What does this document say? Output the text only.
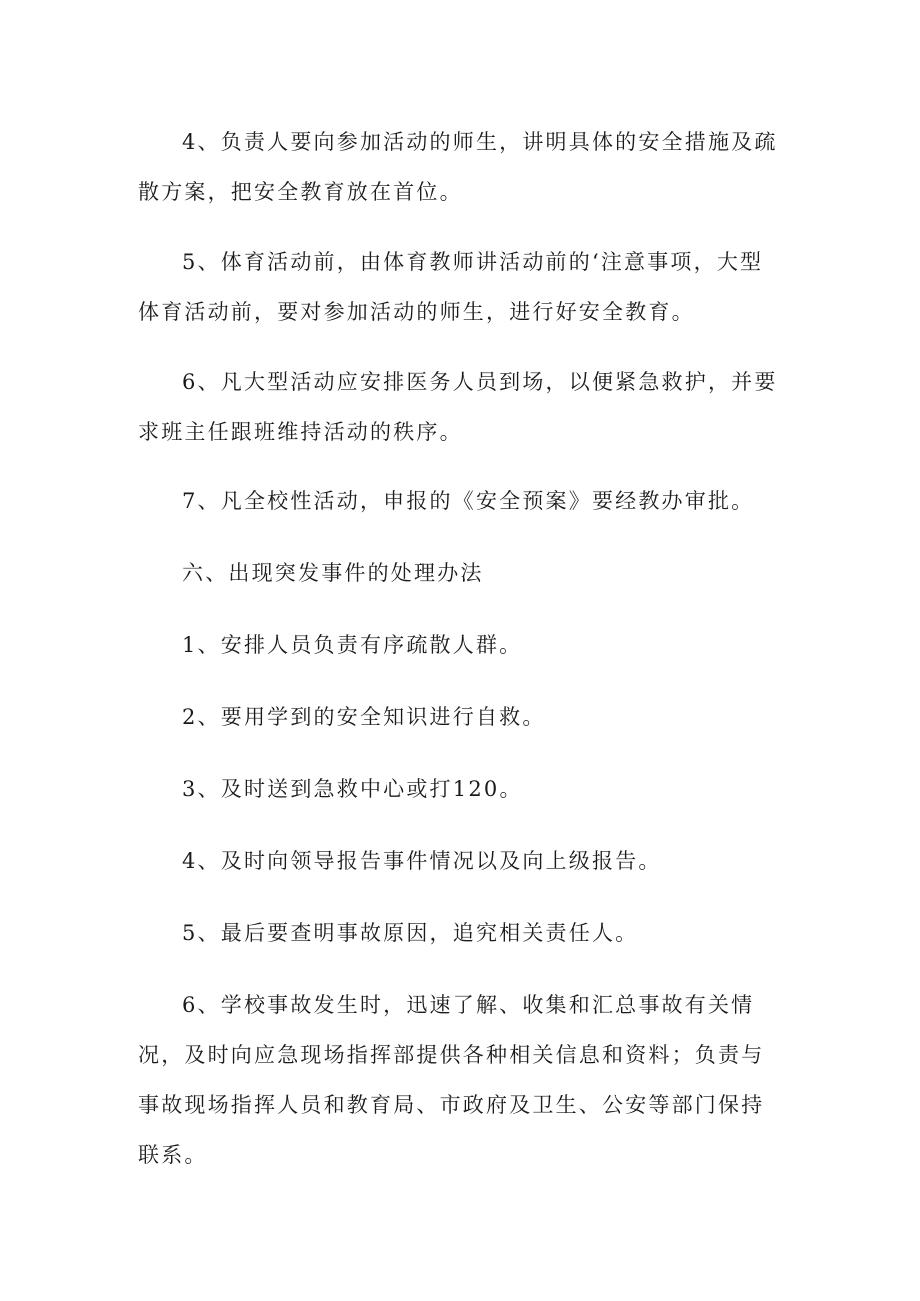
4、负责人要向参加活动的师生，讲明具体的安全措施及疏散方案，把安全教育放在首位。

5、体育活动前，由体育教师讲活动前的‘注意事项，大型体育活动前，要对参加活动的师生，进行好安全教育。

6、凡大型活动应安排医务人员到场，以便紧急救护，并要求班主任跟班维持活动的秩序。

7、凡全校性活动，申报的《安全预案》要经教办审批。

六、出现突发事件的处理办法

1、安排人员负责有序疏散人群。

2、要用学到的安全知识进行自救。

3、及时送到急救中心或打120。

4、及时向领导报告事件情况以及向上级报告。

5、最后要查明事故原因，追究相关责任人。

6、学校事故发生时，迅速了解、收集和汇总事故有关情况，及时向应急现场指挥部提供各种相关信息和资料；负责与事故现场指挥人员和教育局、市政府及卫生、公安等部门保持联系。
